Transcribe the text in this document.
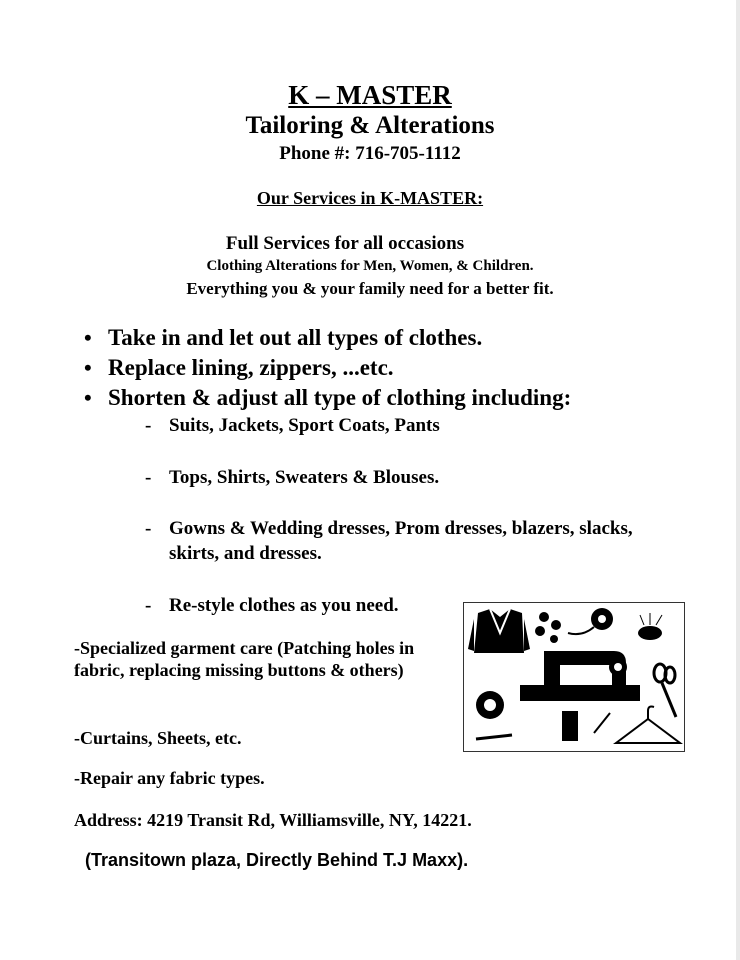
K – MASTER
Tailoring & Alterations
Phone #: 716-705-1112
Our Services in K-MASTER:
Full Services for all occasions
Clothing Alterations for Men, Women, & Children.
Everything you & your family need for a better fit.
• Take in and let out all types of clothes.
• Replace lining, zippers, ...etc.
• Shorten & adjust all type of clothing including:
- Suits, Jackets, Sport Coats, Pants
- Tops, Shirts, Sweaters & Blouses.
- Gowns & Wedding dresses, Prom dresses, blazers, slacks, skirts, and dresses.
- Re-style clothes as you need.
-Specialized garment care (Patching holes in fabric, replacing missing buttons & others)
-Curtains, Sheets, etc.
-Repair any fabric types.
Address: 4219 Transit Rd, Williamsville, NY, 14221.
(Transitown plaza, Directly Behind T.J Maxx).
